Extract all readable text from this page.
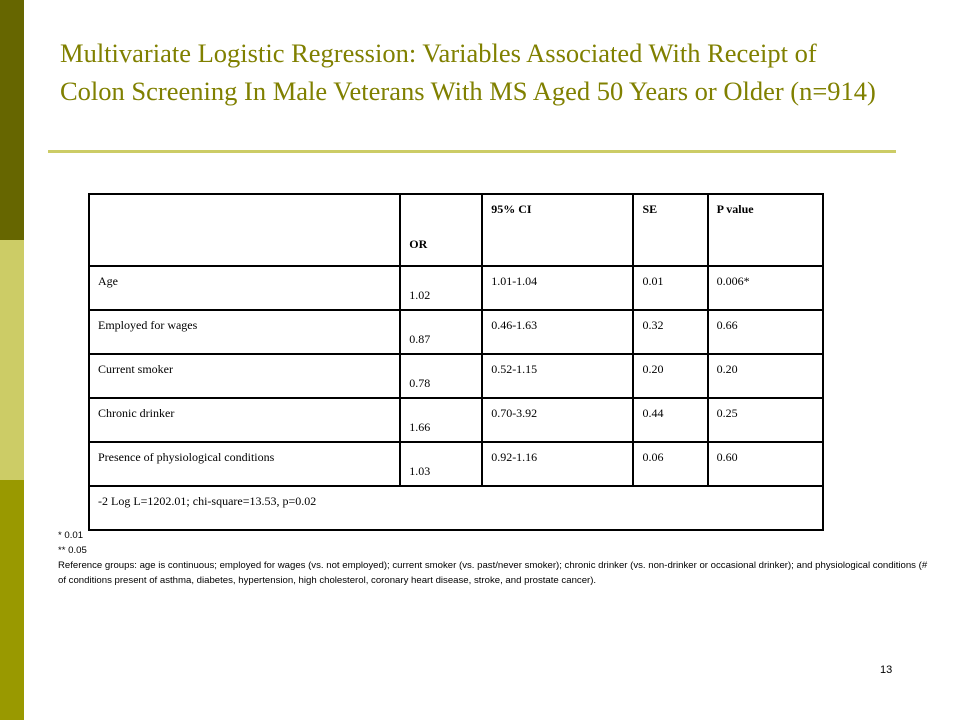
Multivariate Logistic Regression: Variables Associated With Receipt of Colon Screening In Male Veterans With MS Aged 50 Years or Older (n=914)

	OR	95% CI	SE	P value

Age	1.02	1.01-1.04	0.01	0.006*

Employed for wages	0.87	0.46-1.63	0.32	0.66

Current smoker	0.78	0.52-1.15	0.20	0.20

Chronic drinker	1.66	0.70-3.92	0.44	0.25

Presence of physiological conditions	1.03	0.92-1.16	0.06	0.60

-2 Log L=1202.01; chi-square=13.53, p=0.02				

* 0.01

** 0.05

Reference groups: age is continuous; employed for wages (vs. not employed); current smoker (vs. past/never smoker); chronic drinker (vs. non-drinker or occasional drinker); and physiological conditions (# of conditions present of asthma, diabetes, hypertension, high cholesterol, coronary heart disease, stroke, and prostate cancer).

13
